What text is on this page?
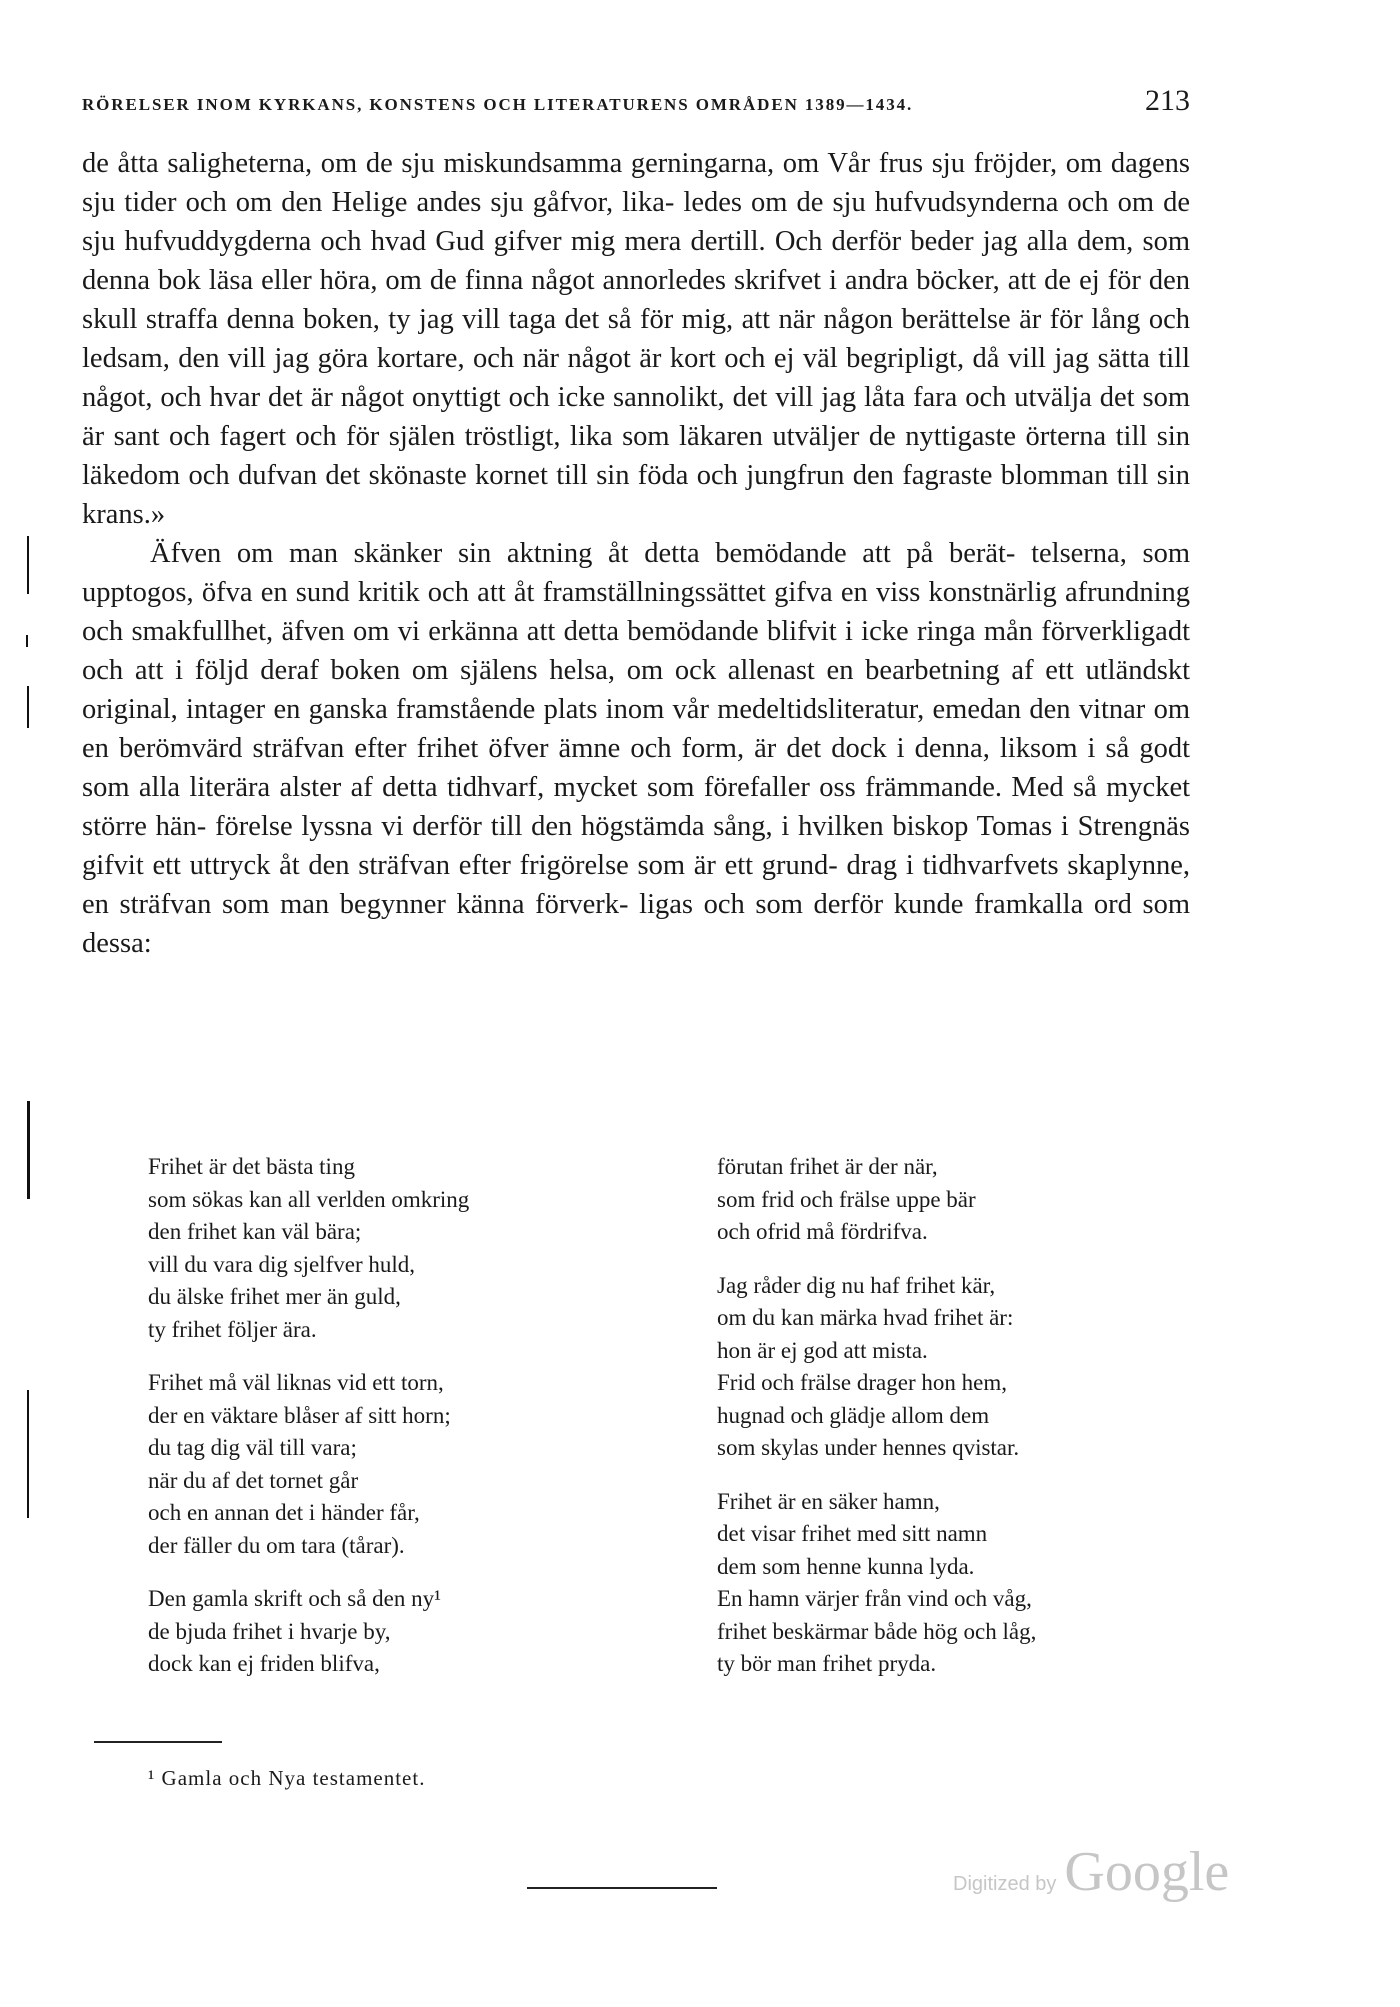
RÖRELSER INOM KYRKANS, KONSTENS OCH LITERATURENS OMRÅDEN 1389—1434.	213

de åtta saligheterna, om de sju miskundsamma gerningarna, om Vår frus sju fröjder, om dagens sju tider och om den Helige andes sju gåfvor, lika- ledes om de sju hufvudsynderna och om de sju hufvuddygderna och hvad Gud gifver mig mera dertill. Och derför beder jag alla dem, som denna bok läsa eller höra, om de finna något annorledes skrifvet i andra böcker, att de ej för den skull straffa denna boken, ty jag vill taga det så för mig, att när någon berättelse är för lång och ledsam, den vill jag göra kortare, och när något är kort och ej väl begripligt, då vill jag sätta till något, och hvar det är något onyttigt och icke sannolikt, det vill jag låta fara och utvälja det som är sant och fagert och för själen tröstligt, lika som läkaren utväljer de nyttigaste örterna till sin läkedom och dufvan det skönaste kornet till sin föda och jungfrun den fagraste blomman till sin krans.»

Äfven om man skänker sin aktning åt detta bemödande att på berät- telserna, som upptogos, öfva en sund kritik och att åt framställningssättet gifva en viss konstnärlig afrundning och smakfullhet, äfven om vi erkänna att detta bemödande blifvit i icke ringa mån förverkligadt och att i följd deraf boken om själens helsa, om ock allenast en bearbetning af ett utländskt original, intager en ganska framstående plats inom vår medeltidsliteratur, emedan den vitnar om en berömvärd sträfvan efter frihet öfver ämne och form, är det dock i denna, liksom i så godt som alla literära alster af detta tidhvarf, mycket som förefaller oss främmande. Med så mycket större hän- förelse lyssna vi derför till den högstämda sång, i hvilken biskop Tomas i Strengnäs gifvit ett uttryck åt den sträfvan efter frigörelse som är ett grund- drag i tidhvarfvets skaplynne, en sträfvan som man begynner känna förverk- ligas och som derför kunde framkalla ord som dessa:

Frihet är det bästa ting
som sökas kan all verlden omkring
den frihet kan väl bära;
vill du vara dig sjelfver huld,
du älske frihet mer än guld,
ty frihet följer ära.
Frihet må väl liknas vid ett torn,
der en väktare blåser af sitt horn;
du tag dig väl till vara;
när du af det tornet går
och en annan det i händer får,
der fäller du om tara (tårar).
Den gamla skrift och så den ny¹
de bjuda frihet i hvarje by,
dock kan ej friden blifva,
förutan frihet är der när,
som frid och frälse uppe bär
och ofrid må fördrifva.
Jag råder dig nu haf frihet kär,
om du kan märka hvad frihet är:
hon är ej god att mista.
Frid och frälse drager hon hem,
hugnad och glädje allom dem
som skylas under hennes qvistar.
Frihet är en säker hamn,
det visar frihet med sitt namn
dem som henne kunna lyda.
En hamn värjer från vind och våg,
frihet beskärmar både hög och låg,
ty bör man frihet pryda.
¹ Gamla och Nya testamentet.
Digitized by Google
